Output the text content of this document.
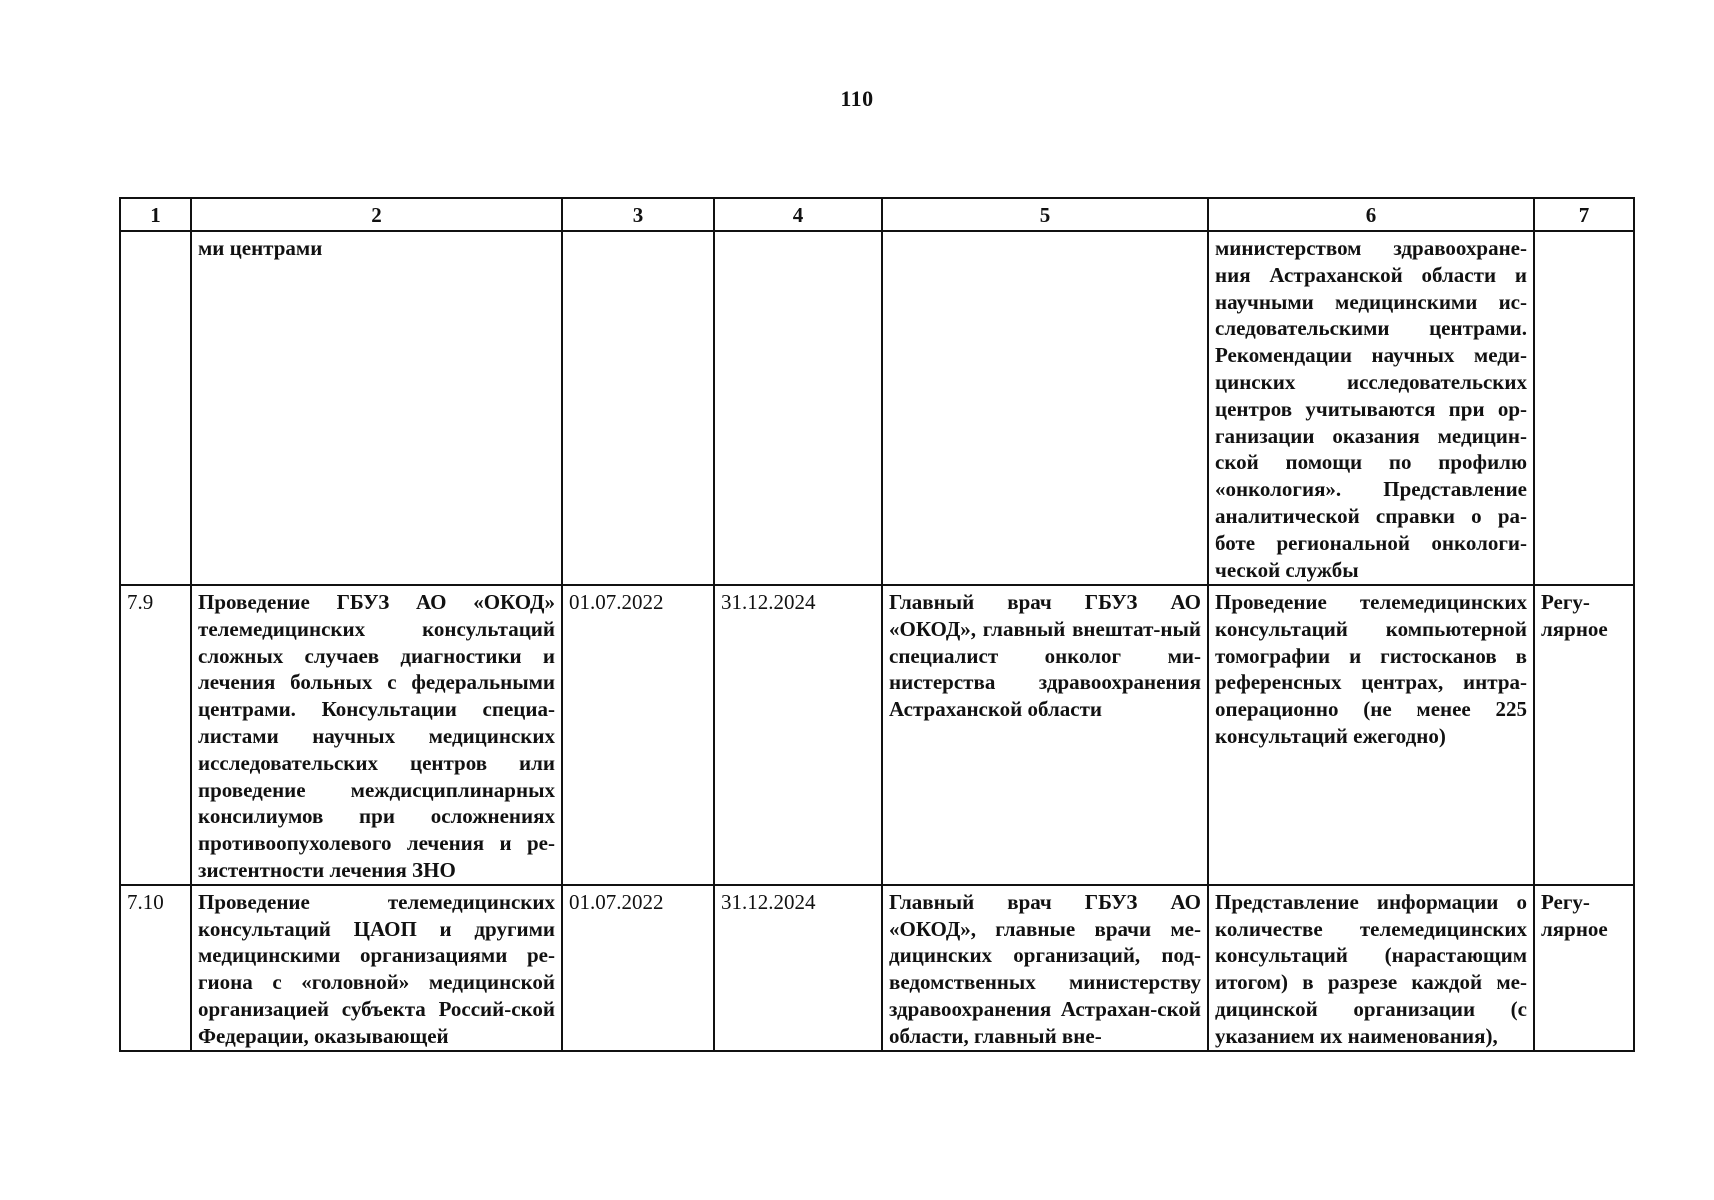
110
1	2	3	4	5	6	7
	ми центрами				министерством здравоохране-ния Астраханской области и научными медицинскими ис-следовательскими центрами. Рекомендации научных меди-цинских исследовательских центров учитываются при ор-ганизации оказания медицин-ской помощи по профилю «онкология». Представление аналитической справки о ра-боте региональной онкологи-ческой службы	
7.9	Проведение ГБУЗ АО «ОКОД» телемедицинских консультаций сложных случаев диагностики и лечения больных с федеральными центрами. Консультации специа-листами научных медицинских исследовательских центров или проведение междисциплинарных консилиумов при осложнениях противоопухолевого лечения и ре-зистентности лечения ЗНО	01.07.2022	31.12.2024	Главный врач ГБУЗ АО «ОКОД», главный внештат-ный специалист онколог ми-нистерства здравоохранения Астраханской области	Проведение телемедицинских консультаций компьютерной томографии и гистосканов в референсных центрах, интра-операционно (не менее 225 консультаций ежегодно)	Регу-лярное
7.10	Проведение телемедицинских консультаций ЦАОП и другими медицинскими организациями ре-гиона с «головной» медицинской организацией субъекта Россий-ской Федерации, оказывающей	01.07.2022	31.12.2024	Главный врач ГБУЗ АО «ОКОД», главные врачи ме-дицинских организаций, под-ведомственных министерству здравоохранения Астрахан-ской области, главный вне-	Представление информации о количестве телемедицинских консультаций (нарастающим итогом) в разрезе каждой ме-дицинской организации (с указанием их наименования),	Регу-лярное
